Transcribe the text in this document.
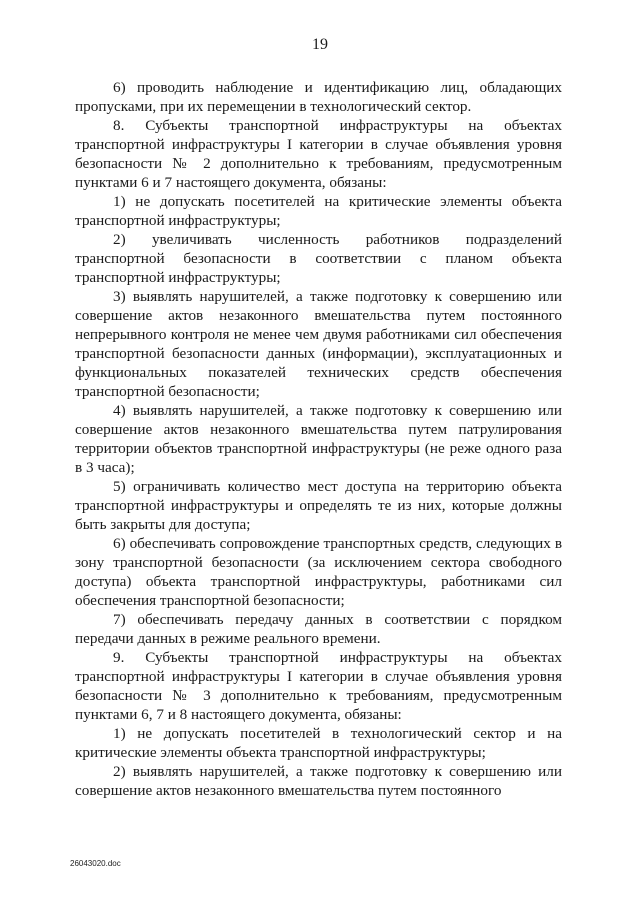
19

6) проводить наблюдение и идентификацию лиц, обладающих пропусками, при их перемещении в технологический сектор.

8. Субъекты транспортной инфраструктуры на объектах транспортной инфраструктуры I категории в случае объявления уровня безопасности № 2 дополнительно к требованиям, предусмотренным пунктами 6 и 7 настоящего документа, обязаны:

1) не допускать посетителей на критические элементы объекта транспортной инфраструктуры;

2) увеличивать численность работников подразделений транспортной безопасности в соответствии с планом объекта транспортной инфраструктуры;

3) выявлять нарушителей, а также подготовку к совершению или совершение актов незаконного вмешательства путем постоянного непрерывного контроля не менее чем двумя работниками сил обеспечения транспортной безопасности данных (информации), эксплуатационных и функциональных показателей технических средств обеспечения транспортной безопасности;

4) выявлять нарушителей, а также подготовку к совершению или совершение актов незаконного вмешательства путем патрулирования территории объектов транспортной инфраструктуры (не реже одного раза в 3 часа);

5) ограничивать количество мест доступа на территорию объекта транспортной инфраструктуры и определять те из них, которые должны быть закрыты для доступа;

6) обеспечивать сопровождение транспортных средств, следующих в зону транспортной безопасности (за исключением сектора свободного доступа) объекта транспортной инфраструктуры, работниками сил обеспечения транспортной безопасности;

7) обеспечивать передачу данных в соответствии с порядком передачи данных в режиме реального времени.

9. Субъекты транспортной инфраструктуры на объектах транспортной инфраструктуры I категории в случае объявления уровня безопасности № 3 дополнительно к требованиям, предусмотренным пунктами 6, 7 и 8 настоящего документа, обязаны:

1) не допускать посетителей в технологический сектор и на критические элементы объекта транспортной инфраструктуры;

2) выявлять нарушителей, а также подготовку к совершению или совершение актов незаконного вмешательства путем постоянного

26043020.doc
